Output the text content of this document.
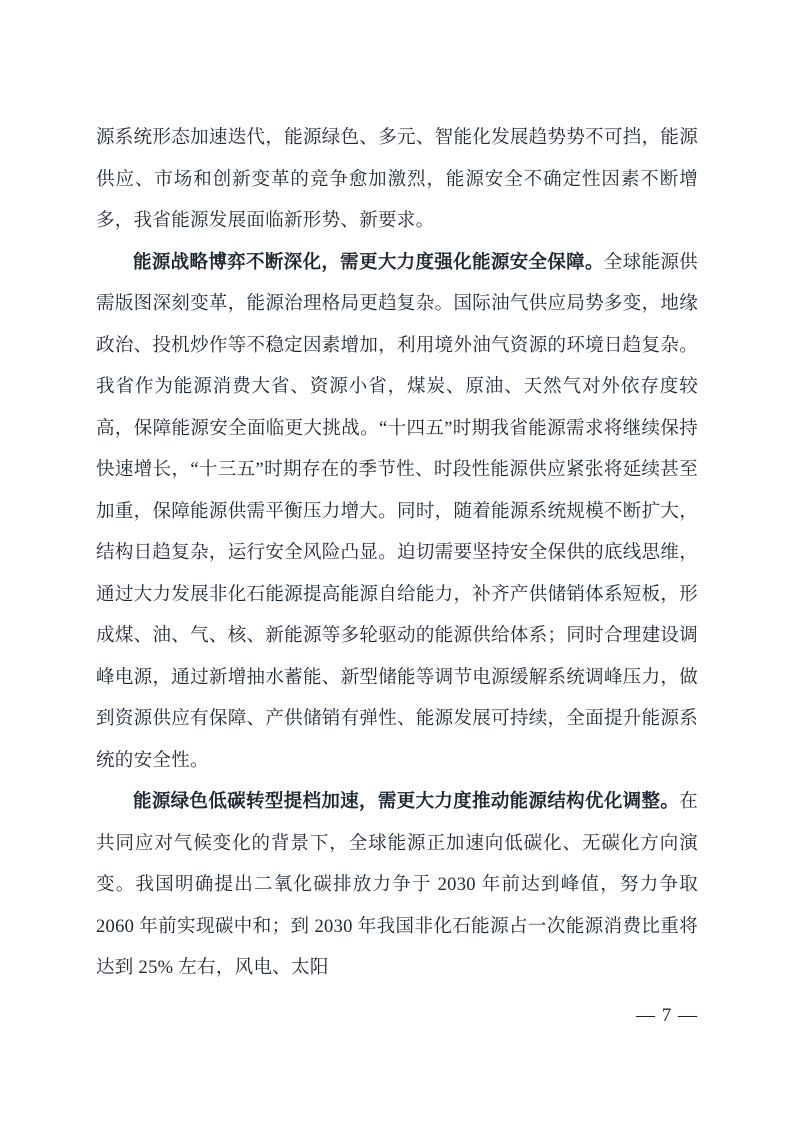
源系统形态加速迭代，能源绿色、多元、智能化发展趋势势不可挡，能源供应、市场和创新变革的竞争愈加激烈，能源安全不确定性因素不断增多，我省能源发展面临新形势、新要求。

能源战略博弈不断深化，需更大力度强化能源安全保障。全球能源供需版图深刻变革，能源治理格局更趋复杂。国际油气供应局势多变，地缘政治、投机炒作等不稳定因素增加，利用境外油气资源的环境日趋复杂。我省作为能源消费大省、资源小省，煤炭、原油、天然气对外依存度较高，保障能源安全面临更大挑战。“十四五”时期我省能源需求将继续保持快速增长，“十三五”时期存在的季节性、时段性能源供应紧张将延续甚至加重，保障能源供需平衡压力增大。同时，随着能源系统规模不断扩大，结构日趋复杂，运行安全风险凸显。迫切需要坚持安全保供的底线思维，通过大力发展非化石能源提高能源自给能力，补齐产供储销体系短板，形成煤、油、气、核、新能源等多轮驱动的能源供给体系；同时合理建设调峰电源，通过新增抽水蓄能、新型储能等调节电源缓解系统调峰压力，做到资源供应有保障、产供储销有弹性、能源发展可持续，全面提升能源系统的安全性。

能源绿色低碳转型提档加速，需更大力度推动能源结构优化调整。在共同应对气候变化的背景下，全球能源正加速向低碳化、无碳化方向演变。我国明确提出二氧化碳排放力争于 2030 年前达到峰值，努力争取 2060 年前实现碳中和；到 2030 年我国非化石能源占一次能源消费比重将达到 25% 左右，风电、太阳

— 7 —
